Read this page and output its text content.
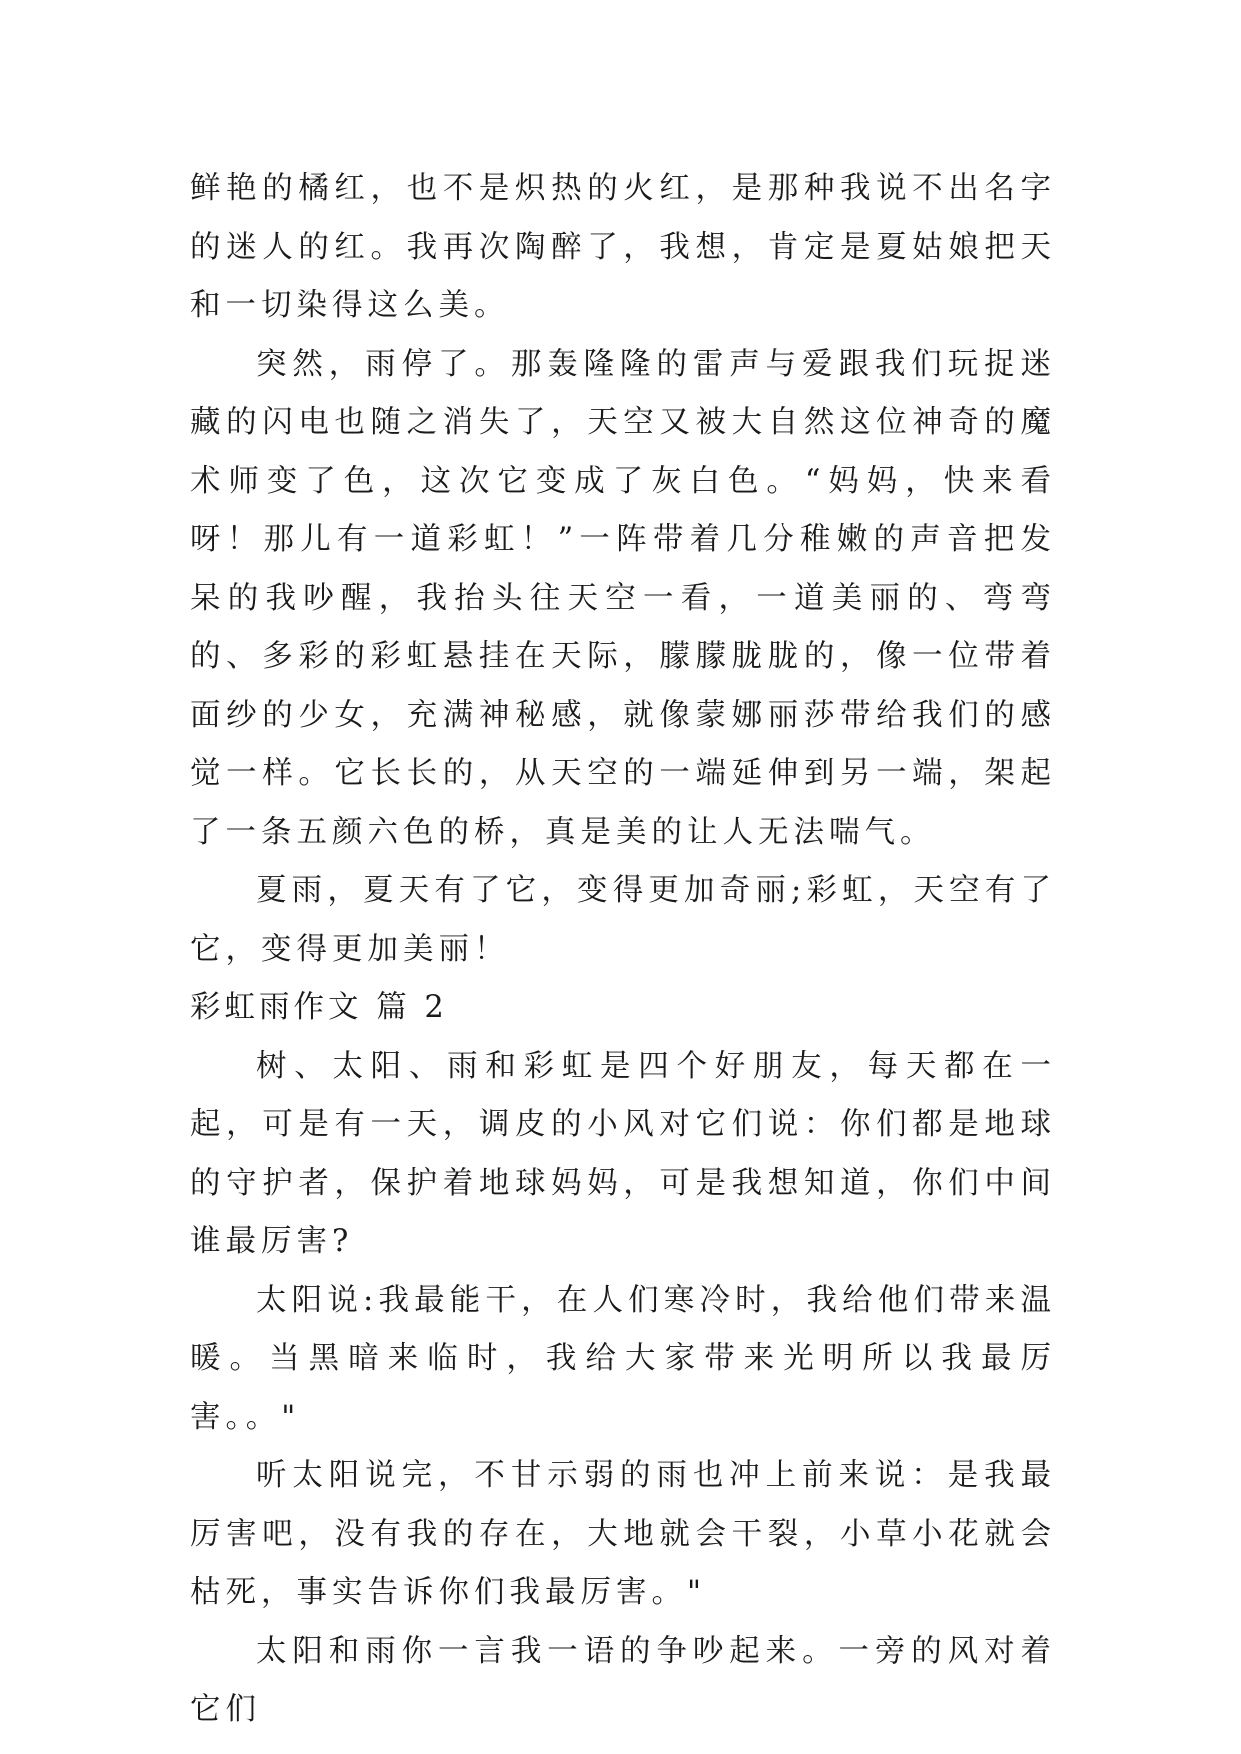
鲜艳的橘红，也不是炽热的火红，是那种我说不出名字的迷人的红。我再次陶醉了，我想，肯定是夏姑娘把天和一切染得这么美。

突然，雨停了。那轰隆隆的雷声与爱跟我们玩捉迷藏的闪电也随之消失了，天空又被大自然这位神奇的魔术师变了色，这次它变成了灰白色。“妈妈，快来看呀！那儿有一道彩虹！”一阵带着几分稚嫩的声音把发呆的我吵醒，我抬头往天空一看，一道美丽的、弯弯的、多彩的彩虹悬挂在天际，朦朦胧胧的，像一位带着面纱的少女，充满神秘感，就像蒙娜丽莎带给我们的感觉一样。它长长的，从天空的一端延伸到另一端，架起了一条五颜六色的桥，真是美的让人无法喘气。

夏雨，夏天有了它，变得更加奇丽;彩虹，天空有了它，变得更加美丽！

彩虹雨作文 篇 2

树、太阳、雨和彩虹是四个好朋友，每天都在一起，可是有一天，调皮的小风对它们说：你们都是地球的守护者，保护着地球妈妈，可是我想知道，你们中间谁最厉害?

太阳说:我最能干，在人们寒冷时，我给他们带来温暖。当黑暗来临时，我给大家带来光明所以我最厉害。。"

听太阳说完，不甘示弱的雨也冲上前来说：是我最厉害吧，没有我的存在，大地就会干裂，小草小花就会枯死，事实告诉你们我最厉害。"

太阳和雨你一言我一语的争吵起来。一旁的风对着它们
